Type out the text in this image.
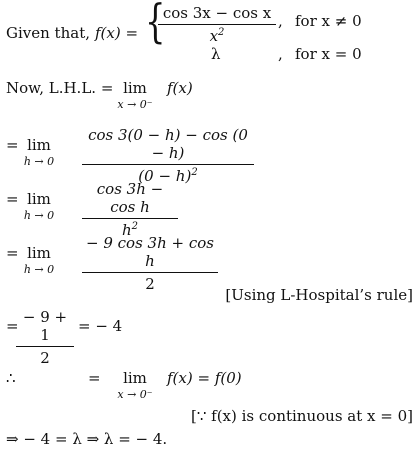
Given that, f(x) = {
cos 3x − cos x
$x^2$
, for x ≠ 0
λ	, for x = 0
Now, L.H.L. = lim
x → 0⁻
f(x)
= lim
h → 0
cos 3(0 − h) − cos (0 − h)
$(0 - h)^2$
= lim
h → 0
cos 3h − cos h
$h^2$
= lim
h → 0
− 9 cos 3h + cos h
2
[Using L-Hospital’s rule]
= − 9 + 1
2
= − 4
∴	=	lim
x → 0⁻
f(x) = f(0)
[∵ f(x) is continuous at x = 0]
⇒ − 4 = λ ⇒ λ = − 4.
